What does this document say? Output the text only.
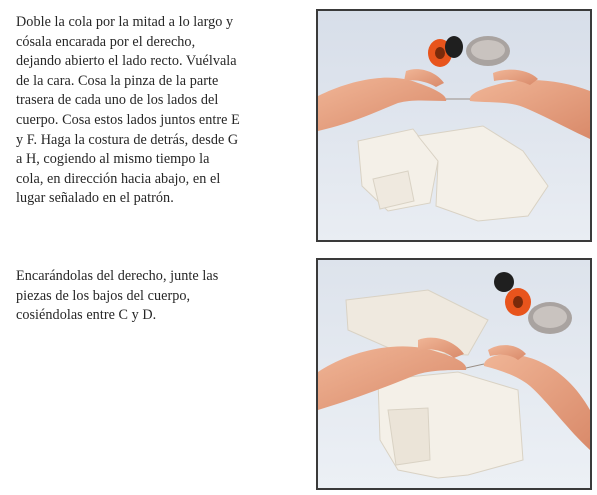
Doble la cola por la mitad a lo largo y
cósala encarada por el derecho,
dejando abierto el lado recto. Vuélvala
de la cara. Cosa la pinza de la parte
trasera de cada uno de los lados del
cuerpo. Cosa estos lados juntos entre E
y F. Haga la costura de detrás, desde G
a H, cogiendo al mismo tiempo la
cola, en dirección hacia abajo, en el
lugar señalado en el patrón.
Encarándolas del derecho, junte las
piezas de los bajos del cuerpo,
cosiéndolas entre C y D.
